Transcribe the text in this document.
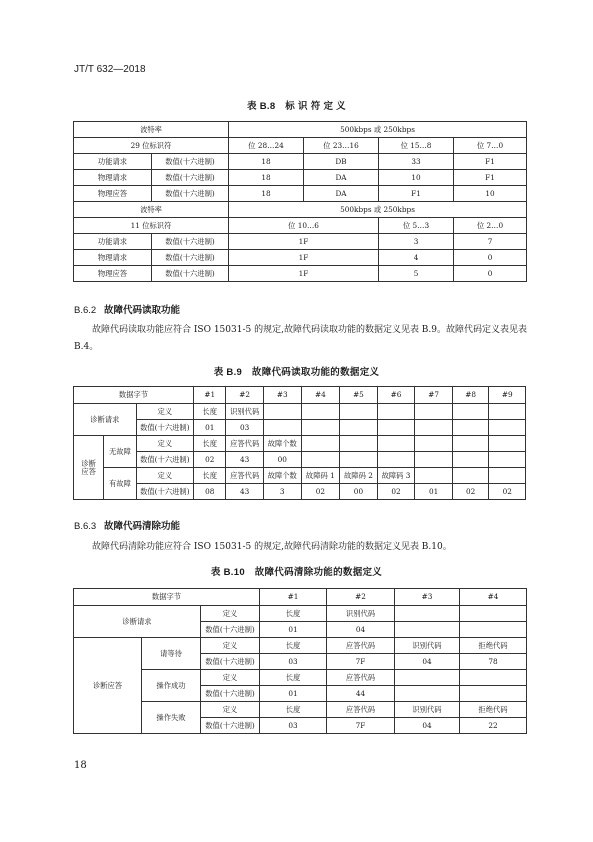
JT/T 632—2018
表 B.8　标 识 符 定 义
波特率		500kbps 或 250kbps			
29 位标识符		位 28…24	位 23…16	位 15…8	位 7…0
功能请求	数值(十六进制)	18	DB	33	F1
物理请求	数值(十六进制)	18	DA	10	F1
物理应答	数值(十六进制)	18	DA	F1	10
波特率		500kbps 或 250kbps			
11 位标识符		位 10…6		位 5…3	位 2…0
功能请求	数值(十六进制)	1F		3	7
物理请求	数值(十六进制)	1F		4	0
物理应答	数值(十六进制)	1F		5	0
B.6.2 故障代码读取功能
故障代码读取功能应符合 ISO 15031-5 的规定,故障代码读取功能的数据定义见表 B.9。故障代码定义表见表 B.4。
表 B.9　故障代码读取功能的数据定义
数据字节			#1	#2	#3	#4	#5	#6	#7	#8	#9
诊断请求		定义	长度	识别代码							
		数值(十六进制)	01	03							
诊断应答	无故障	定义	长度	应答代码	故障个数						
		数值(十六进制)	02	43	00						
	有故障	定义	长度	应答代码	故障个数	故障码 1	故障码 2	故障码 3			
		数值(十六进制)	08	43	3	02	00	02	01	02	02
B.6.3 故障代码清除功能
故障代码清除功能应符合 ISO 15031-5 的规定,故障代码清除功能的数据定义见表 B.10。
表 B.10　故障代码清除功能的数据定义
数据字节			#1	#2	#3	#4
诊断请求		定义	长度	识别代码		
		数值(十六进制)	01	04		
诊断应答	请等待	定义	长度	应答代码	识别代码	拒绝代码
		数值(十六进制)	03	7F	04	78
	操作成功	定义	长度	应答代码		
		数值(十六进制)	01	44		
	操作失败	定义	长度	应答代码	识别代码	拒绝代码
		数值(十六进制)	03	7F	04	22
18
